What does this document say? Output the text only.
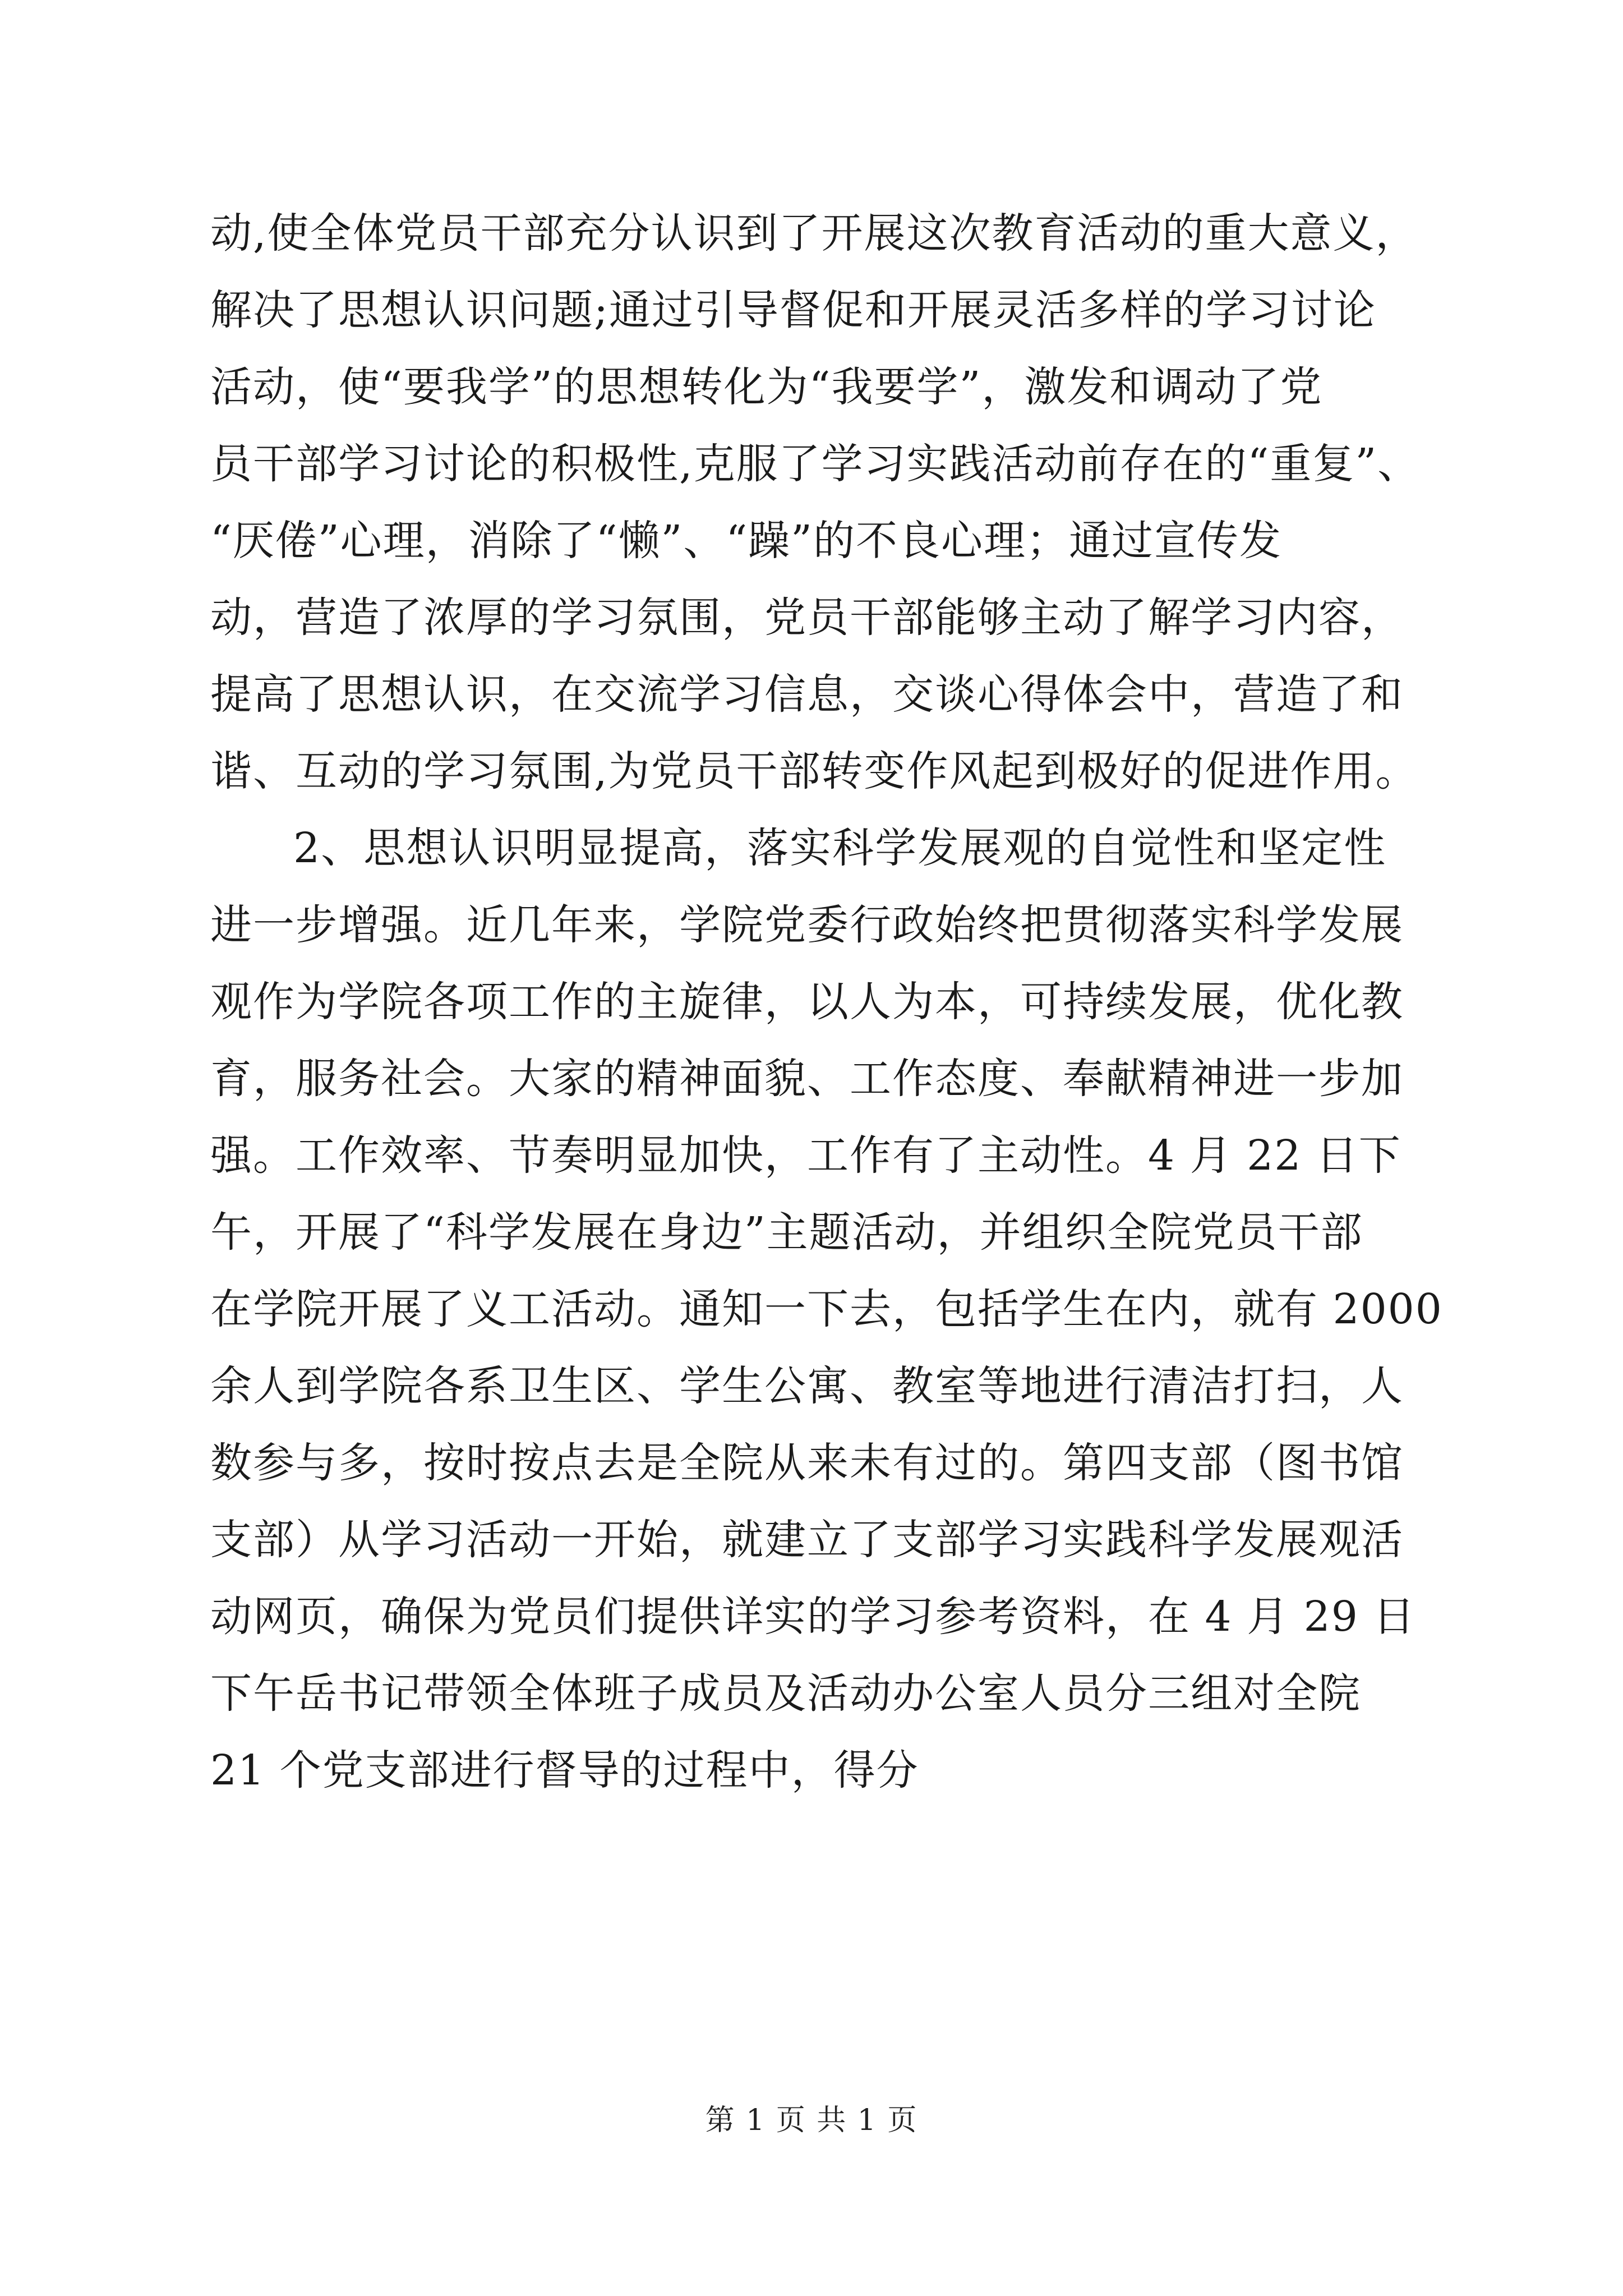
动,使全体党员干部充分认识到了开展这次教育活动的重大意义，
解决了思想认识问题;通过引导督促和开展灵活多样的学习讨论
活动，使“要我学”的思想转化为“我要学”，激发和调动了党
员干部学习讨论的积极性,克服了学习实践活动前存在的“重复”、
“厌倦”心理，消除了“懒”、“躁”的不良心理；通过宣传发
动，营造了浓厚的学习氛围，党员干部能够主动了解学习内容，
提高了思想认识，在交流学习信息，交谈心得体会中，营造了和
谐、互动的学习氛围,为党员干部转变作风起到极好的促进作用。
2、思想认识明显提高，落实科学发展观的自觉性和坚定性
进一步增强。近几年来，学院党委行政始终把贯彻落实科学发展
观作为学院各项工作的主旋律，以人为本，可持续发展，优化教
育，服务社会。大家的精神面貌、工作态度、奉献精神进一步加
强。工作效率、节奏明显加快，工作有了主动性。4 月 22 日下
午，开展了“科学发展在身边”主题活动，并组织全院党员干部
在学院开展了义工活动。通知一下去，包括学生在内，就有 2000
余人到学院各系卫生区、学生公寓、教室等地进行清洁打扫，人
数参与多，按时按点去是全院从来未有过的。第四支部（图书馆
支部）从学习活动一开始，就建立了支部学习实践科学发展观活
动网页，确保为党员们提供详实的学习参考资料，在 4 月 29 日
下午岳书记带领全体班子成员及活动办公室人员分三组对全院
21 个党支部进行督导的过程中，得分
第 1 页 共 1 页
